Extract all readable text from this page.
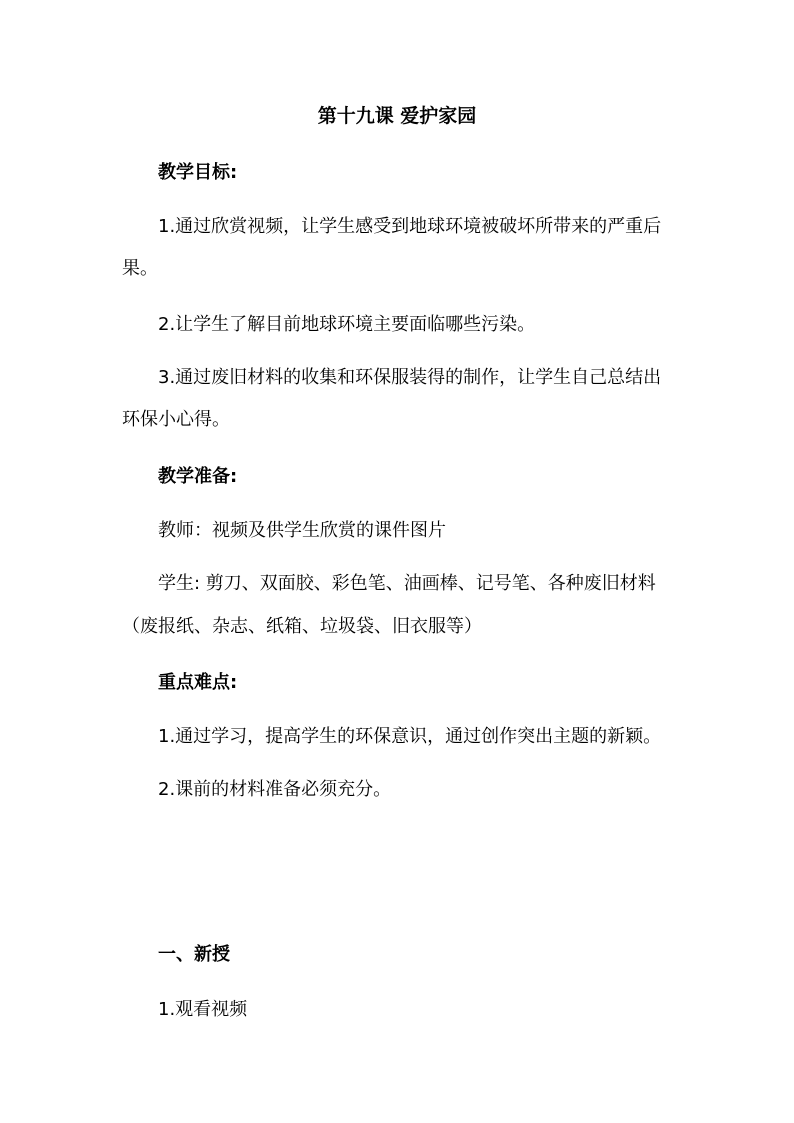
第十九课 爱护家园
教学目标:
1.通过欣赏视频，让学生感受到地球环境被破坏所带来的严重后
果。
2.让学生了解目前地球环境主要面临哪些污染。
3.通过废旧材料的收集和环保服装得的制作，让学生自己总结出
环保小心得。
教学准备:
教师：视频及供学生欣赏的课件图片
学生: 剪刀、双面胶、彩色笔、油画棒、记号笔、各种废旧材料
（废报纸、杂志、纸箱、垃圾袋、旧衣服等）
重点难点:
1.通过学习，提高学生的环保意识，通过创作突出主题的新颖。
2.课前的材料准备必须充分。
一、新授
1.观看视频
